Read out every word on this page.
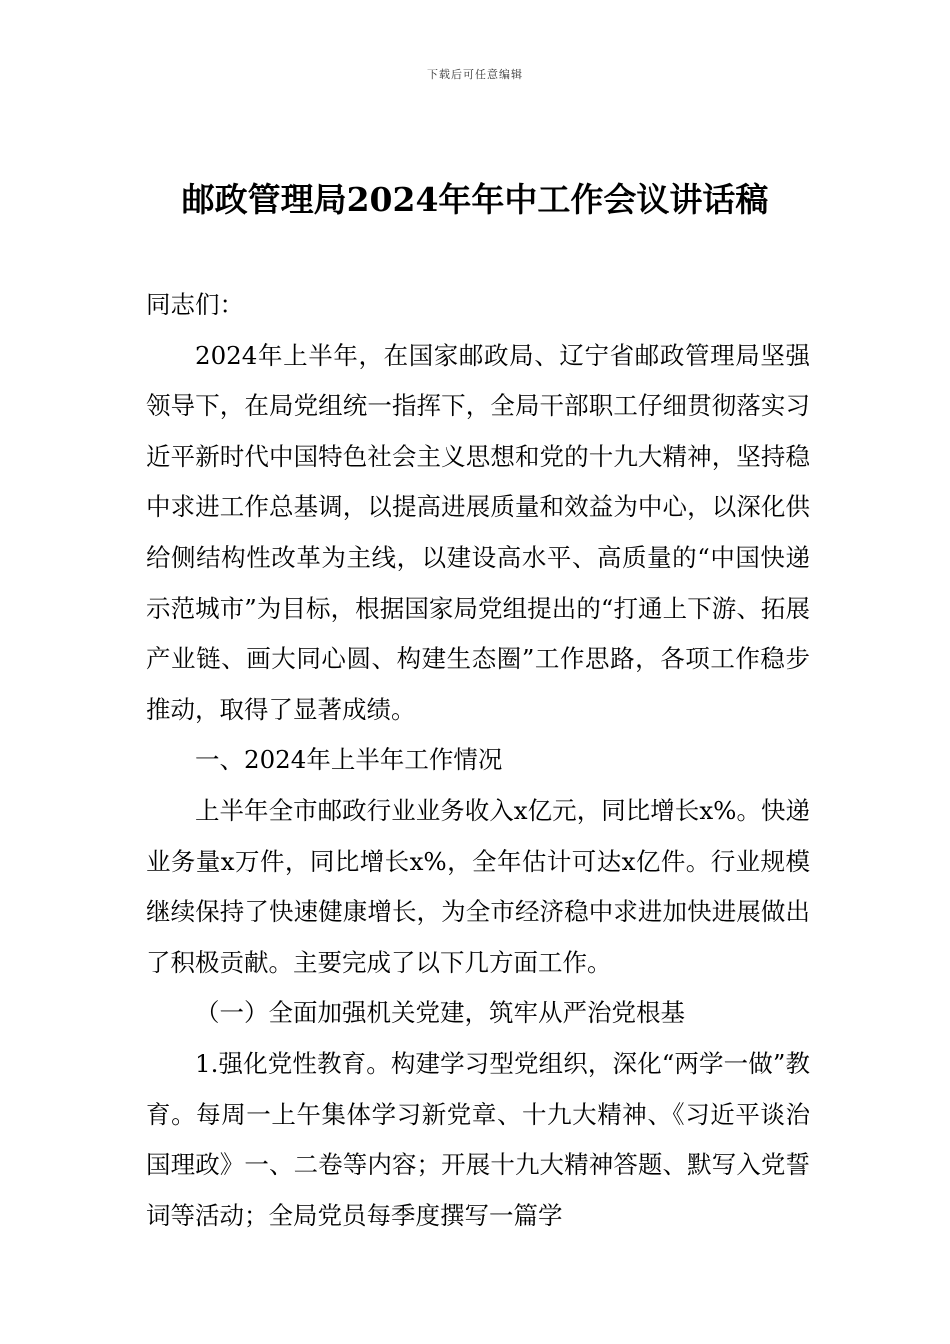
下载后可任意编辑
邮政管理局2024年年中工作会议讲话稿

同志们：

2024年上半年，在国家邮政局、辽宁省邮政管理局坚强领导下，在局党组统一指挥下，全局干部职工仔细贯彻落实习近平新时代中国特色社会主义思想和党的十九大精神，坚持稳中求进工作总基调，以提高进展质量和效益为中心，以深化供给侧结构性改革为主线，以建设高水平、高质量的“中国快递示范城市”为目标，根据国家局党组提出的“打通上下游、拓展产业链、画大同心圆、构建生态圈”工作思路，各项工作稳步推动，取得了显著成绩。

一、2024年上半年工作情况

上半年全市邮政行业业务收入x亿元，同比增长x%。快递业务量x万件，同比增长x%，全年估计可达x亿件。行业规模继续保持了快速健康增长，为全市经济稳中求进加快进展做出了积极贡献。主要完成了以下几方面工作。

（一）全面加强机关党建，筑牢从严治党根基

1.强化党性教育。构建学习型党组织，深化“两学一做”教育。每周一上午集体学习新党章、十九大精神、《习近平谈治国理政》一、二卷等内容；开展十九大精神答题、默写入党誓词等活动；全局党员每季度撰写一篇学
